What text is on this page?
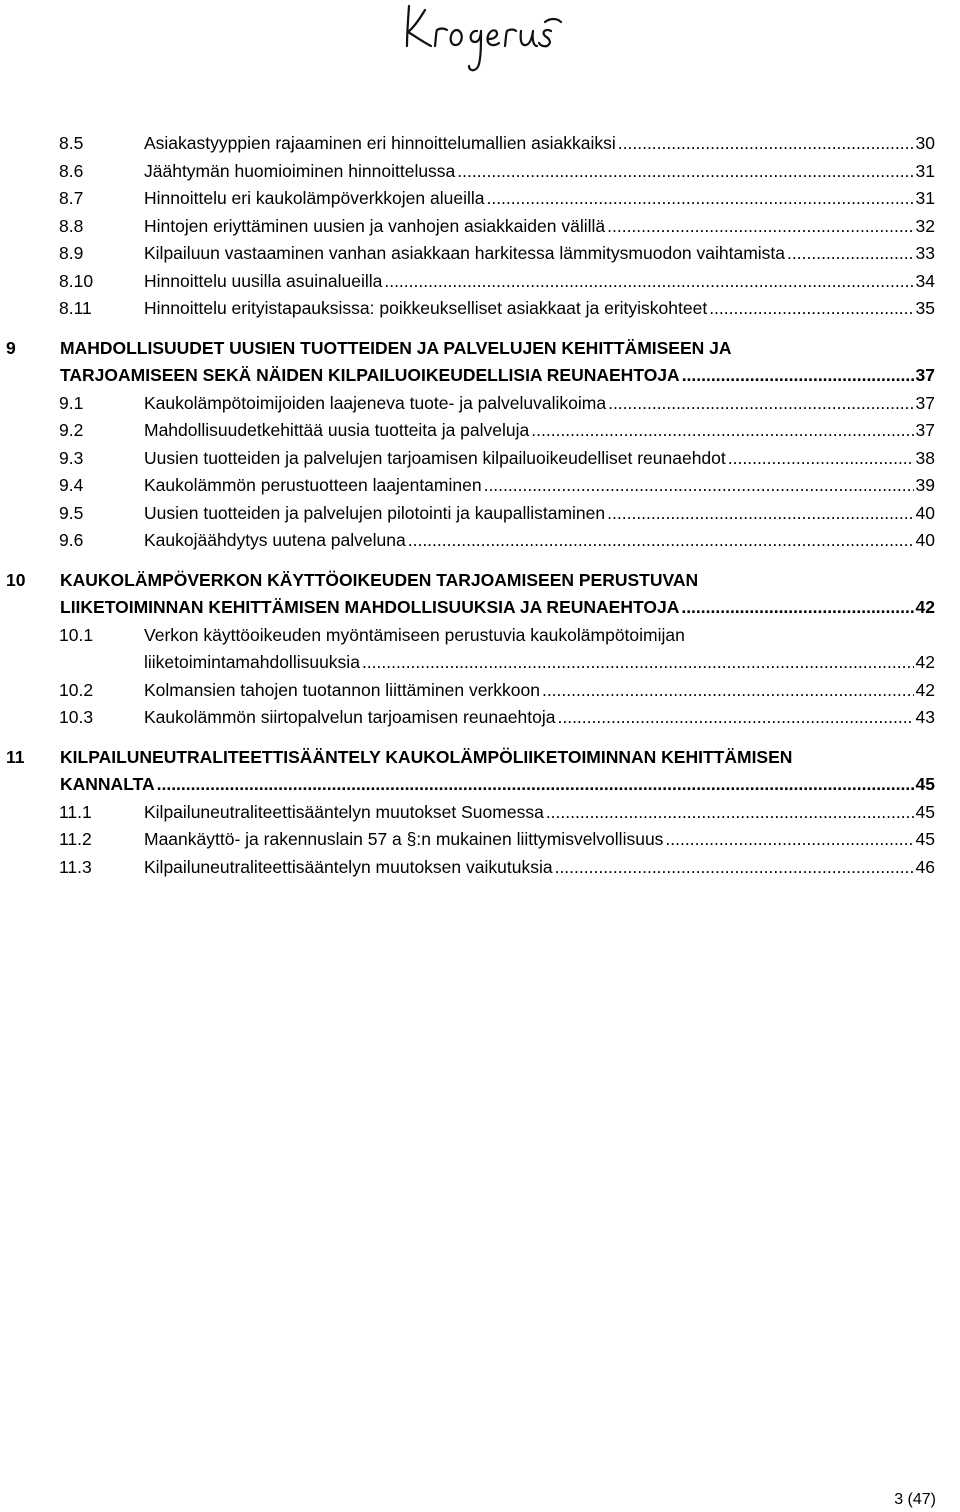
8.5	Asiakastyyppien rajaaminen eri hinnoittelumallien asiakkaiksi .....	30
8.6	Jäähtymän huomioiminen hinnoittelussa .....	31
8.7	Hinnoittelu eri kaukolämpöverkkojen alueilla .....	31
8.8	Hintojen eriyttäminen uusien ja vanhojen asiakkaiden välillä .....	32
8.9	Kilpailuun vastaaminen vanhan asiakkaan harkitessa lämmitysmuodon vaihtamista .....	33
8.10	Hinnoittelu uusilla asuinalueilla .....	34
8.11	Hinnoittelu erityistapauksissa: poikkeukselliset asiakkaat ja erityiskohteet .....	35
9	MAHDOLLISUUDET UUSIEN TUOTTEIDEN JA PALVELUJEN KEHITTÄMISEEN JA
TARJOAMISEEN SEKÄ NÄIDEN KILPAILUOIKEUDELLISIA REUNAEHTOJA .....	37
9.1	Kaukolämpötoimijoiden laajeneva tuote- ja palveluvalikoima .....	37
9.2	Mahdollisuudetkehittää uusia tuotteita ja palveluja .....	37
9.3	Uusien tuotteiden ja palvelujen tarjoamisen kilpailuoikeudelliset reunaehdot .....	38
9.4	Kaukolämmön perustuotteen laajentaminen .....	39
9.5	Uusien tuotteiden ja palvelujen pilotointi ja kaupallistaminen .....	40
9.6	Kaukojäähdytys uutena palveluna .....	40
10 KAUKOLÄMPÖVERKON KÄYTTÖOIKEUDEN TARJOAMISEEN PERUSTUVAN
LIIKETOIMINNAN KEHITTÄMISEN MAHDOLLISUUKSIA JA REUNAEHTOJA .....	42
10.1	Verkon käyttöoikeuden myöntämiseen perustuvia kaukolämpötoimijan
liiketoimintamahdollisuuksia .....	42
10.2	Kolmansien tahojen tuotannon liittäminen verkkoon .....	42
10.3	Kaukolämmön siirtopalvelun tarjoamisen reunaehtoja .....	43
11 KILPAILUNEUTRALITEETTISÄÄNTELY KAUKOLÄMPÖLIIKETOIMINNAN KEHITTÄMISEN
KANNALTA .....	45
11.1	Kilpailuneutraliteettisääntelyn muutokset Suomessa .....	45
11.2	Maankäyttö- ja rakennuslain 57 a §:n mukainen liittymisvelvollisuus .....	45
11.3	Kilpailuneutraliteettisääntelyn muutoksen vaikutuksia .....	46
3 (47)
